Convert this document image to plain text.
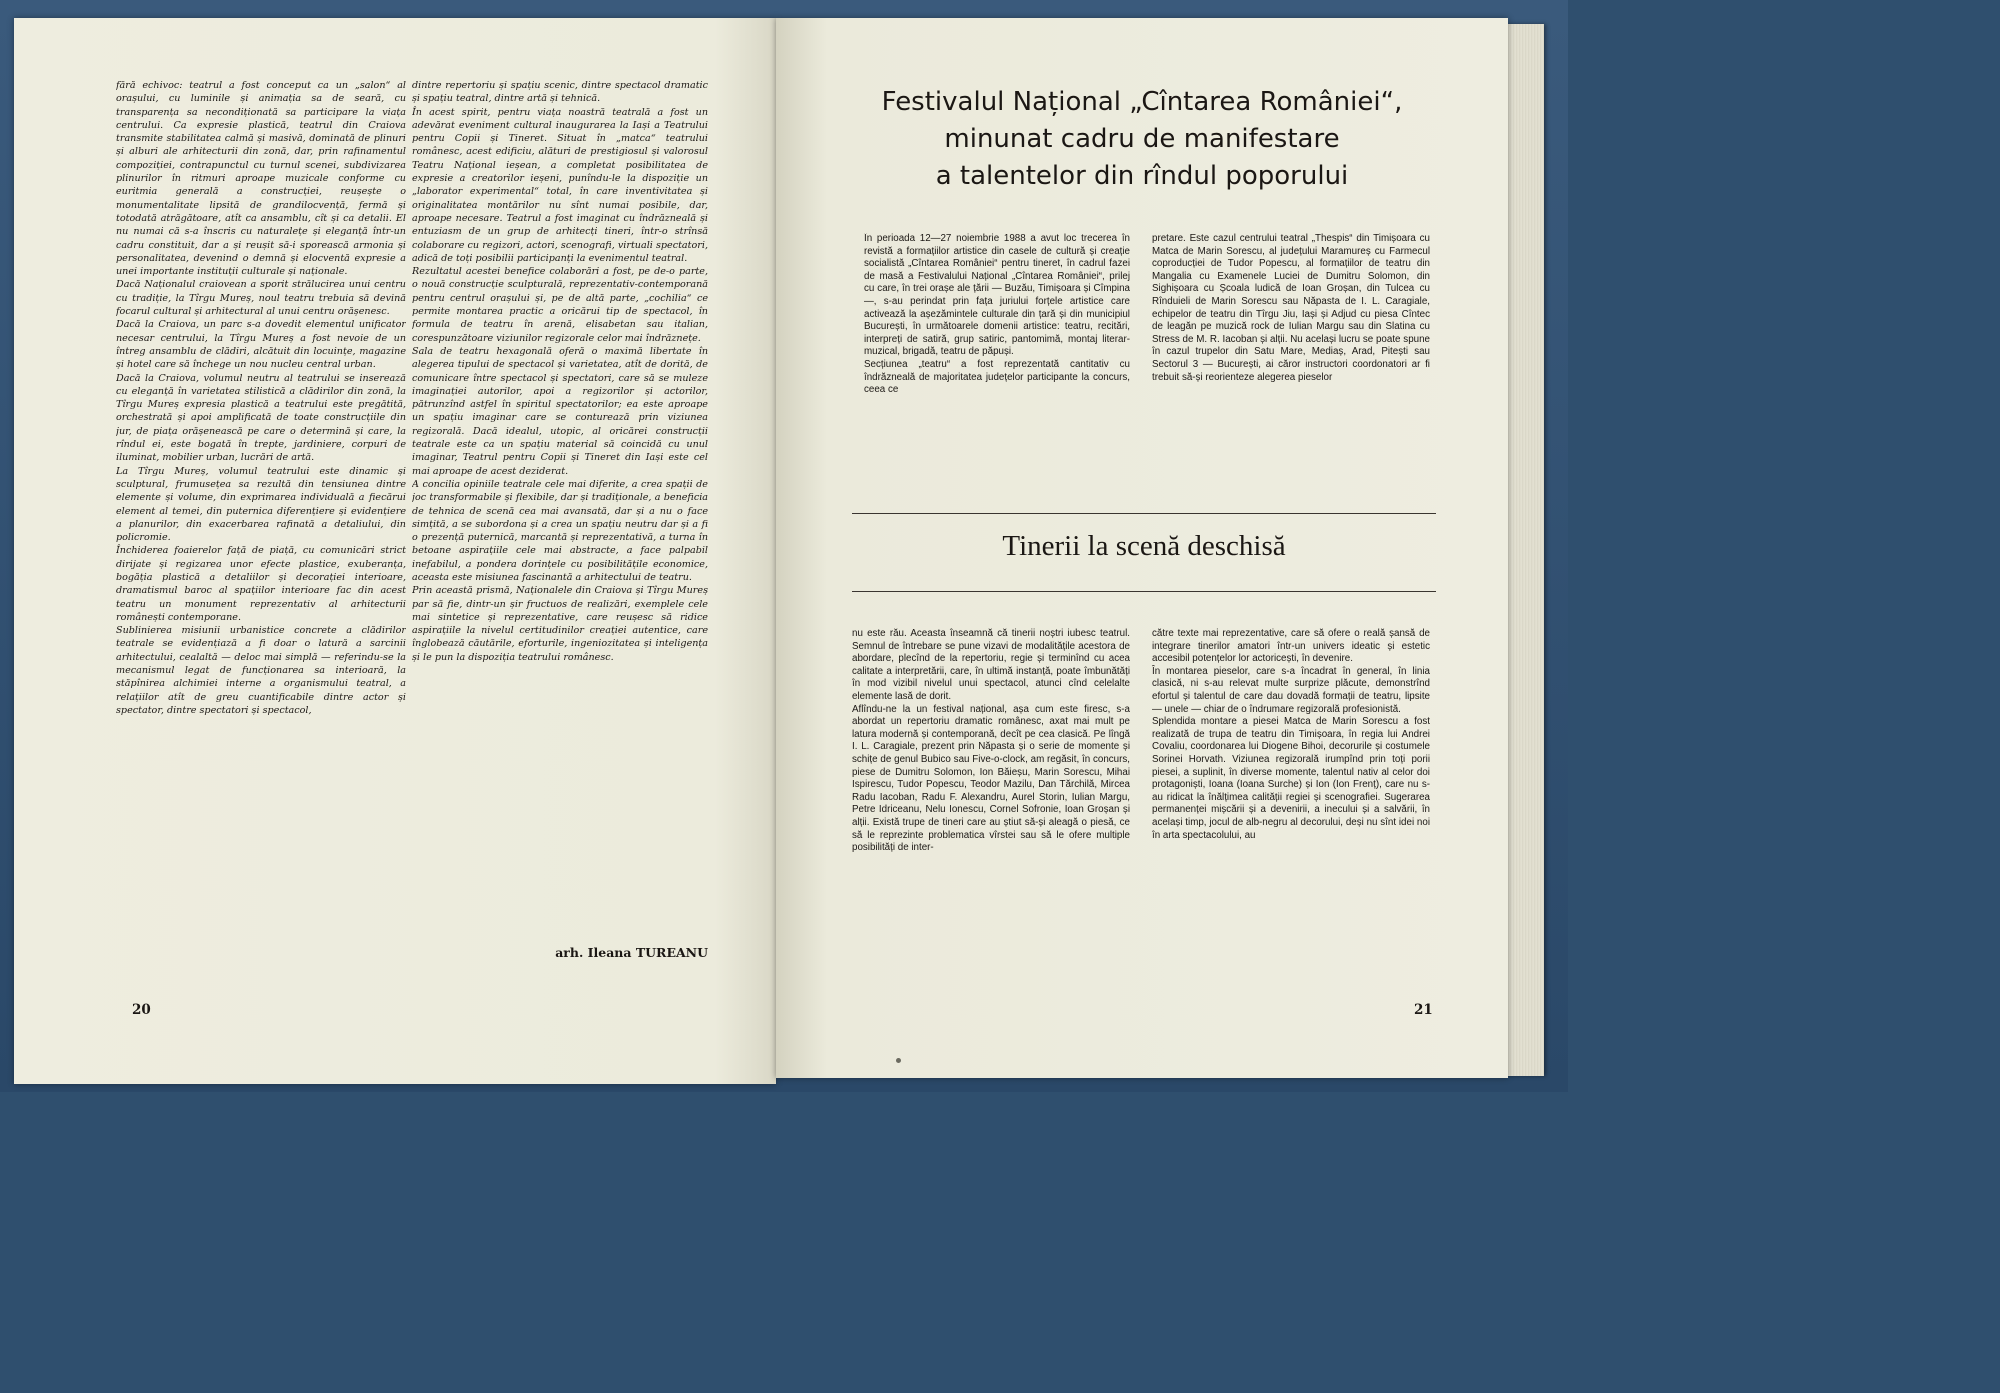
fără echivoc: teatrul a fost conceput ca un „salon“ al orașului, cu luminile și animația sa de seară, cu transparența sa necondiționată sa participare la viața centrului. Ca expresie plastică, teatrul din Craiova transmite stabilitatea calmă și masivă, dominată de plinuri și alburi ale arhitecturii din zonă, dar, prin rafinamentul compoziției, contrapunctul cu turnul scenei, subdivizarea plinurilor în ritmuri aproape muzicale conforme cu euritmia generală a construcției, reușește o monumentalitate lipsită de grandilocvență, fermă și totodată atrăgătoare, atît ca ansamblu, cît și ca detalii. El nu numai că s-a înscris cu naturalețe și eleganță într-un cadru constituit, dar a și reușit să-i sporească armonia și personalitatea, devenind o demnă și elocventă expresie a unei importante instituții culturale și naționale.
Dacă Naționalul craiovean a sporit strălucirea unui centru cu tradiție, la Tîrgu Mureș, noul teatru trebuia să devină focarul cultural și arhitectural al unui centru orășenesc.
Dacă la Craiova, un parc s-a dovedit elementul unificator necesar centrului, la Tîrgu Mureș a fost nevoie de un întreg ansamblu de clădiri, alcătuit din locuințe, magazine și hotel care să închege un nou nucleu central urban.
Dacă la Craiova, volumul neutru al teatrului se inserează cu eleganță în varietatea stilistică a clădirilor din zonă, la Tîrgu Mureș expresia plastică a teatrului este pregătită, orchestrată și apoi amplificată de toate construcțiile din jur, de piața orășenească pe care o determină și care, la rîndul ei, este bogată în trepte, jardiniere, corpuri de iluminat, mobilier urban, lucrări de artă.
La Tîrgu Mureș, volumul teatrului este dinamic și sculptural, frumusețea sa rezultă din tensiunea dintre elemente și volume, din exprimarea individuală a fiecărui element al temei, din puternica diferențiere și evidențiere a planurilor, din exacerbarea rafinată a detaliului, din policromie.
Închiderea foaierelor față de piață, cu comunicări strict dirijate și regizarea unor efecte plastice, exuberanța, bogăția plastică a detaliilor și decorației interioare, dramatismul baroc al spațiilor interioare fac din acest teatru un monument reprezentativ al arhitecturii românești contemporane.
Sublinierea misiunii urbanistice concrete a clădirilor teatrale se evidențiază a fi doar o latură a sarcinii arhitectului, cealaltă — deloc mai simplă — referindu-se la mecanismul legat de funcționarea sa interioară, la stăpînirea alchimiei interne a organismului teatral, a relațiilor atît de greu cuantificabile dintre actor și spectator, dintre spectatori și spectacol,
dintre repertoriu și spațiu scenic, dintre spectacol dramatic și spațiu teatral, dintre artă și tehnică.
În acest spirit, pentru viața noastră teatrală a fost un adevărat eveniment cultural inaugurarea la Iași a Teatrului pentru Copii și Tineret. Situat în „matca“ teatrului românesc, acest edificiu, alături de prestigiosul și valorosul Teatru Național ieșean, a completat posibilitatea de expresie a creatorilor ieșeni, punîndu-le la dispoziție un „laborator experimental“ total, în care inventivitatea și originalitatea montărilor nu sînt numai posibile, dar, aproape necesare. Teatrul a fost imaginat cu îndrăzneală și entuziasm de un grup de arhitecți tineri, într-o strînsă colaborare cu regizori, actori, scenografi, virtuali spectatori, adică de toți posibilii participanți la evenimentul teatral.
Rezultatul acestei benefice colaborări a fost, pe de-o parte, o nouă construcție sculpturală, reprezentativ-contemporană pentru centrul orașului și, pe de altă parte, „cochilia“ ce permite montarea practic a oricărui tip de spectacol, în formula de teatru în arenă, elisabetan sau italian, corespunzătoare viziunilor regizorale celor mai îndrăznețe.
Sala de teatru hexagonală oferă o maximă libertate în alegerea tipului de spectacol și varietatea, atît de dorită, de comunicare între spectacol și spectatori, care să se muleze imaginației autorilor, apoi a regizorilor și actorilor, pătrunzînd astfel în spiritul spectatorilor; ea este aproape un spațiu imaginar care se conturează prin viziunea regizorală. Dacă idealul, utopic, al oricărei construcții teatrale este ca un spațiu material să coincidă cu unul imaginar, Teatrul pentru Copii și Tineret din Iași este cel mai aproape de acest deziderat.
A concilia opiniile teatrale cele mai diferite, a crea spații de joc transformabile și flexibile, dar și tradiționale, a beneficia de tehnica de scenă cea mai avansată, dar și a nu o face simțită, a se subordona și a crea un spațiu neutru dar și a fi o prezență puternică, marcantă și reprezentativă, a turna în betoane aspirațiile cele mai abstracte, a face palpabil inefabilul, a pondera dorințele cu posibilitățile economice, aceasta este misiunea fascinantă a arhitectului de teatru.
Prin această prismă, Naționalele din Craiova și Tîrgu Mureș par să fie, dintr-un șir fructuos de realizări, exemplele cele mai sintetice și reprezentative, care reușesc să ridice aspirațiile la nivelul certitudinilor creației autentice, care înglobează căutările, eforturile, ingeniozitatea și inteligența și le pun la dispoziția teatrului românesc.
arh. Ileana TUREANU
20
Festivalul Național „Cîntarea României“,
minunat cadru de manifestare
a talentelor din rîndul poporului
În perioada 12—27 noiembrie 1988 a avut loc trecerea în revistă a formațiilor artistice din casele de cultură și creație socialistă „Cîntarea României“ pentru tineret, în cadrul fazei de masă a Festivalului Național „Cîntarea României“, prilej cu care, în trei orașe ale țării — Buzău, Timișoara și Cîmpina —, s-au perindat prin fața juriului forțele artistice care activează la așezămintele culturale din țară și din municipiul București, în următoarele domenii artistice: teatru, recitări, interpreți de satiră, grup satiric, pantomimă, montaj literar-muzical, brigadă, teatru de păpuși.
Secțiunea „teatru“ a fost reprezentată cantitativ cu îndrăzneală de majoritatea județelor participante la concurs, ceea ce
pretare. Este cazul centrului teatral „Thespis“ din Timișoara cu Matca de Marin Sorescu, al județului Maramureș cu Farmecul coproducției de Tudor Popescu, al formațiilor de teatru din Mangalia cu Examenele Luciei de Dumitru Solomon, din Sighișoara cu Școala ludică de Ioan Groșan, din Tulcea cu Rînduieli de Marin Sorescu sau Năpasta de I. L. Caragiale, echipelor de teatru din Tîrgu Jiu, Iași și Adjud cu piesa Cîntec de leagăn pe muzică rock de Iulian Margu sau din Slatina cu Stress de M. R. Iacoban și alții. Nu același lucru se poate spune în cazul trupelor din Satu Mare, Mediaș, Arad, Pitești sau Sectorul 3 — București, ai căror instructori coordonatori ar fi trebuit să-și reorienteze alegerea pieselor
Tinerii la scenă deschisă
nu este rău. Aceasta înseamnă că tinerii noștri iubesc teatrul. Semnul de întrebare se pune vizavi de modalitățile acestora de abordare, plecînd de la repertoriu, regie și terminînd cu acea calitate a interpretării, care, în ultimă instanță, poate îmbunătăți în mod vizibil nivelul unui spectacol, atunci cînd celelalte elemente lasă de dorit.
Aflîndu-ne la un festival național, așa cum este firesc, s-a abordat un repertoriu dramatic românesc, axat mai mult pe latura modernă și contemporană, decît pe cea clasică. Pe lîngă I. L. Caragiale, prezent prin Năpasta și o serie de momente și schițe de genul Bubico sau Five-o-clock, am regăsit, în concurs, piese de Dumitru Solomon, Ion Băieșu, Marin Sorescu, Mihai Ispirescu, Tudor Popescu, Teodor Mazilu, Dan Tărchilă, Mircea Radu Iacoban, Radu F. Alexandru, Aurel Storin, Iulian Margu, Petre Idriceanu, Nelu Ionescu, Cornel Sofronie, Ioan Groșan și alții. Există trupe de tineri care au știut să-și aleagă o piesă, ce să le reprezinte problematica vîrstei sau să le ofere multiple posibilități de inter-
către texte mai reprezentative, care să ofere o reală șansă de integrare tinerilor amatori într-un univers ideatic și estetic accesibil potențelor lor actoricești, în devenire.
În montarea pieselor, care s-a încadrat în general, în linia clasică, ni s-au relevat multe surprize plăcute, demonstrînd efortul și talentul de care dau dovadă formații de teatru, lipsite — unele — chiar de o îndrumare regizorală profesionistă.
Splendida montare a piesei Matca de Marin Sorescu a fost realizată de trupa de teatru din Timișoara, în regia lui Andrei Covaliu, coordonarea lui Diogene Bihoi, decorurile și costumele Sorinei Horvath. Viziunea regizorală irumpînd prin toți porii piesei, a suplinit, în diverse momente, talentul nativ al celor doi protagoniști, Ioana (Ioana Surche) și Ion (Ion Frenț), care nu s-au ridicat la înălțimea calității regiei și scenografiei. Sugerarea permanenței mișcării și a devenirii, a inecului și a salvării, în același timp, jocul de alb-negru al decorului, deși nu sînt idei noi în arta spectacolului, au
21
